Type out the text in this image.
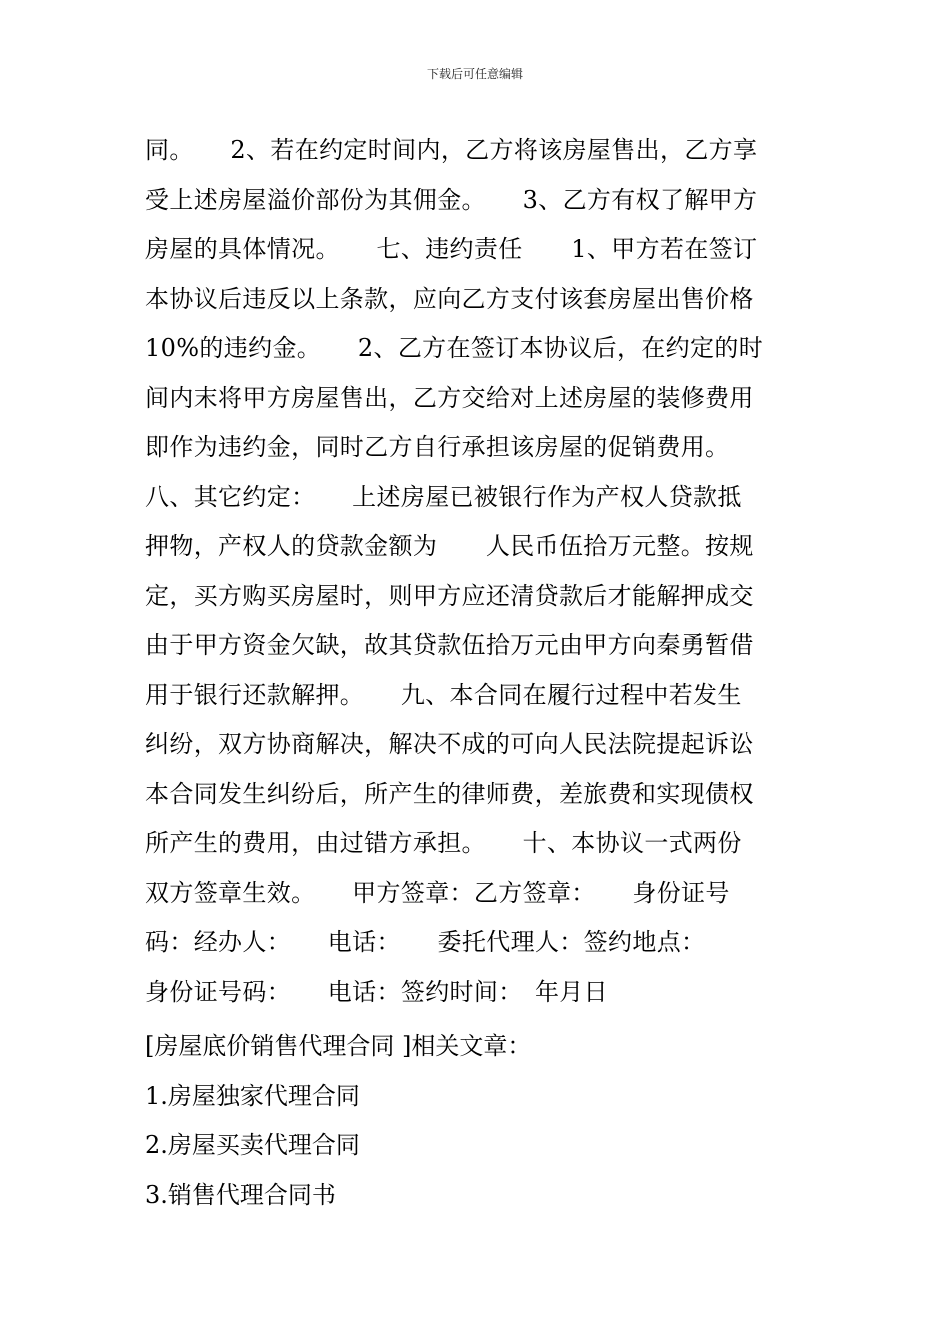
下载后可任意编辑
同。　　2、若在约定时间内，乙方将该房屋售出，乙方享
受上述房屋溢价部份为其佣金。　　3、乙方有权了解甲方
房屋的具体情况。　　七、违约责任　　1、甲方若在签订
本协议后违反以上条款，应向乙方支付该套房屋出售价格
10%的违约金。　　2、乙方在签订本协议后，在约定的时
间内末将甲方房屋售出，乙方交给对上述房屋的装修费用
即作为违约金，同时乙方自行承担该房屋的促销费用。
八、其它约定：　　上述房屋已被银行作为产权人贷款抵
押物，产权人的贷款金额为　　人民币伍拾万元整。按规
定，买方购买房屋时，则甲方应还清贷款后才能解押成交
由于甲方资金欠缺，故其贷款伍拾万元由甲方向秦勇暂借
用于银行还款解押。　　九、本合同在履行过程中若发生
纠纷，双方协商解决，解决不成的可向人民法院提起诉讼
本合同发生纠纷后，所产生的律师费，差旅费和实现债权
所产生的费用，由过错方承担。　　十、本协议一式两份
双方签章生效。　　甲方签章：乙方签章：　　身份证号
码：经办人：　　电话：　　委托代理人：签约地点：
身份证号码：　　电话：签约时间：　年月日
[房屋底价销售代理合同 ]相关文章：
1.房屋独家代理合同
2.房屋买卖代理合同
3.销售代理合同书
